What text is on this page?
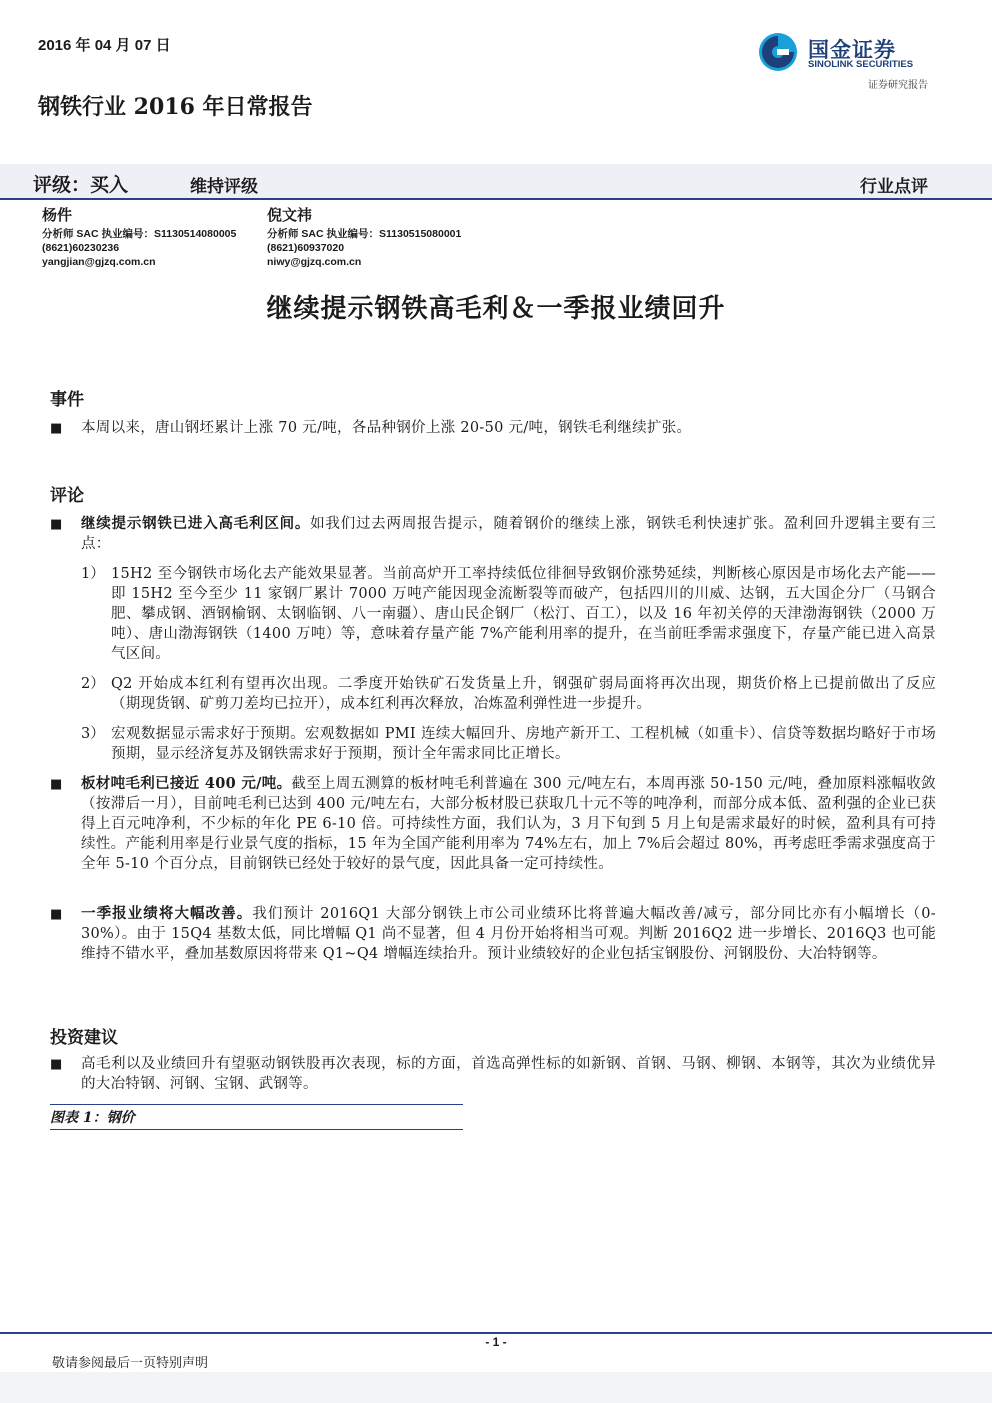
2016 年 04 月 07 日	国金证券
SINOLINK SECURITIES
证券研究报告
钢铁行业 2016 年日常报告
评级：买入	维持评级	行业点评
杨件
分析师 SAC 执业编号：S1130514080005
(8621)60230236
yangjian@gjzq.com.cn
倪文祎
分析师 SAC 执业编号：S1130515080001
(8621)60937020
niwy@gjzq.com.cn
继续提示钢铁高毛利＆一季报业绩回升
事件
■ 本周以来，唐山钢坯累计上涨 70 元/吨，各品种钢价上涨 20-50 元/吨，钢铁毛利继续扩张。
评论
■ 继续提示钢铁已进入高毛利区间。如我们过去两周报告提示，随着钢价的继续上涨，钢铁毛利快速扩张。盈利回升逻辑主要有三点：
1） 15H2 至今钢铁市场化去产能效果显著。当前高炉开工率持续低位徘徊导致钢价涨势延续，判断核心原因是市场化去产能——即 15H2 至今至少 11 家钢厂累计 7000 万吨产能因现金流断裂等而破产，包括四川的川威、达钢，五大国企分厂（马钢合肥、攀成钢、酒钢榆钢、太钢临钢、八一南疆）、唐山民企钢厂（松汀、百工），以及 16 年初关停的天津渤海钢铁（2000 万吨）、唐山渤海钢铁（1400 万吨）等，意味着存量产能 7%产能利用率的提升，在当前旺季需求强度下，存量产能已进入高景气区间。
2） Q2 开始成本红利有望再次出现。二季度开始铁矿石发货量上升，钢强矿弱局面将再次出现，期货价格上已提前做出了反应（期现货钢、矿剪刀差均已拉开），成本红利再次释放，冶炼盈利弹性进一步提升。
3） 宏观数据显示需求好于预期。宏观数据如 PMI 连续大幅回升、房地产新开工、工程机械（如重卡）、信贷等数据均略好于市场预期，显示经济复苏及钢铁需求好于预期，预计全年需求同比正增长。
■ 板材吨毛利已接近 400 元/吨。截至上周五测算的板材吨毛利普遍在 300 元/吨左右，本周再涨 50-150 元/吨，叠加原料涨幅收敛（按滞后一月），目前吨毛利已达到 400 元/吨左右，大部分板材股已获取几十元不等的吨净利，而部分成本低、盈利强的企业已获得上百元吨净利，不少标的年化 PE 6-10 倍。可持续性方面，我们认为，3 月下旬到 5 月上旬是需求最好的时候，盈利具有可持续性。产能利用率是行业景气度的指标，15 年为全国产能利用率为 74%左右，加上 7%后会超过 80%，再考虑旺季需求强度高于全年 5-10 个百分点，目前钢铁已经处于较好的景气度，因此具备一定可持续性。
■ 一季报业绩将大幅改善。我们预计 2016Q1 大部分钢铁上市公司业绩环比将普遍大幅改善/减亏，部分同比亦有小幅增长（0-30%）。由于 15Q4 基数太低，同比增幅 Q1 尚不显著，但 4 月份开始将相当可观。判断 2016Q2 进一步增长、2016Q3 也可能维持不错水平，叠加基数原因将带来 Q1~Q4 增幅连续抬升。预计业绩较好的企业包括宝钢股份、河钢股份、大冶特钢等。
投资建议
■ 高毛利以及业绩回升有望驱动钢铁股再次表现，标的方面，首选高弹性标的如新钢、首钢、马钢、柳钢、本钢等，其次为业绩优异的大冶特钢、河钢、宝钢、武钢等。
图表 1：钢价
- 1 -
敬请参阅最后一页特别声明
